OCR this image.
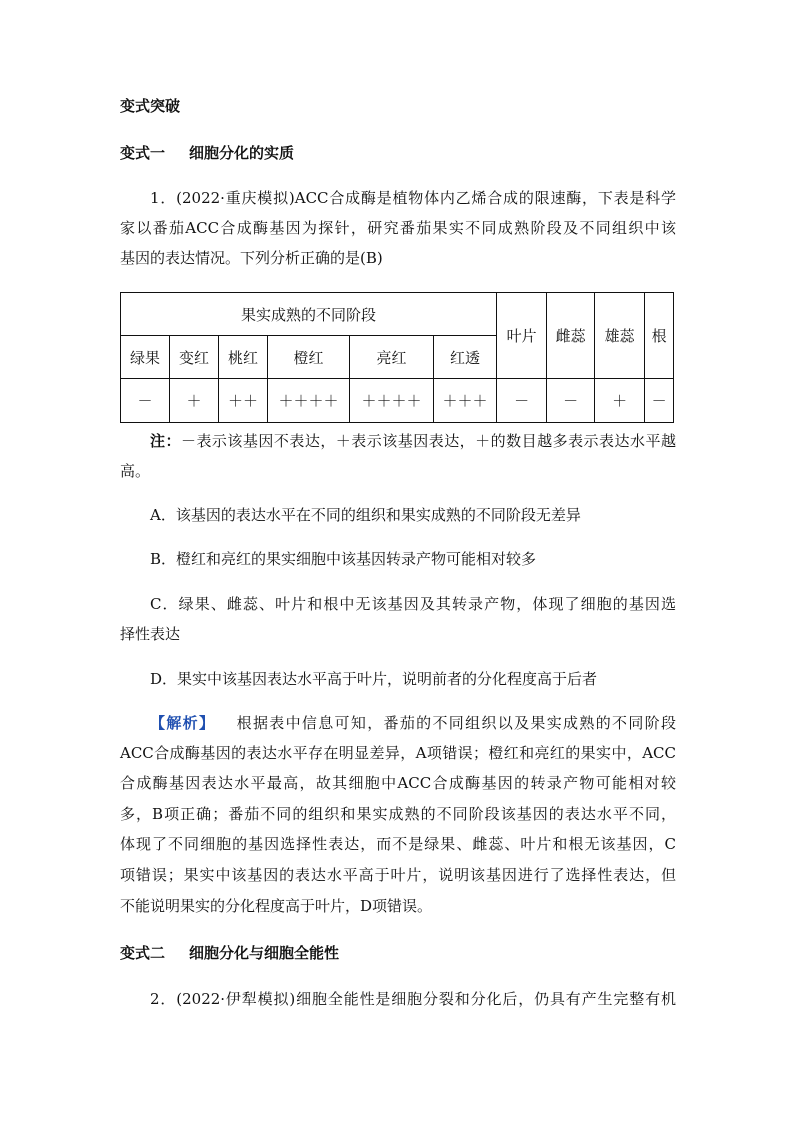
变式突破
变式一 细胞分化的实质
1．(2022·重庆模拟)ACC合成酶是植物体内乙烯合成的限速酶，下表是科学
家以番茄ACC合成酶基因为探针，研究番茄果实不同成熟阶段及不同组织中该
基因的表达情况。下列分析正确的是(B)
果实成熟的不同阶段						叶片	雌蕊	雄蕊	根
绿果	变红	桃红	橙红	亮红	红透				
－	＋	＋＋	＋＋＋＋	＋＋＋＋	＋＋＋	－	－	＋	－
注：－表示该基因不表达，＋表示该基因表达，＋的数目越多表示表达水平越
高。
A．该基因的表达水平在不同的组织和果实成熟的不同阶段无差异
B．橙红和亮红的果实细胞中该基因转录产物可能相对较多
C．绿果、雌蕊、叶片和根中无该基因及其转录产物，体现了细胞的基因选
择性表达
D．果实中该基因表达水平高于叶片，说明前者的分化程度高于后者
【解析】 根据表中信息可知，番茄的不同组织以及果实成熟的不同阶段
ACC合成酶基因的表达水平存在明显差异，A项错误；橙红和亮红的果实中，ACC
合成酶基因表达水平最高，故其细胞中ACC合成酶基因的转录产物可能相对较
多，B项正确；番茄不同的组织和果实成熟的不同阶段该基因的表达水平不同，
体现了不同细胞的基因选择性表达，而不是绿果、雌蕊、叶片和根无该基因，C
项错误；果实中该基因的表达水平高于叶片，说明该基因进行了选择性表达，但
不能说明果实的分化程度高于叶片，D项错误。
变式二 细胞分化与细胞全能性
2．(2022·伊犁模拟)细胞全能性是细胞分裂和分化后，仍具有产生完整有机
